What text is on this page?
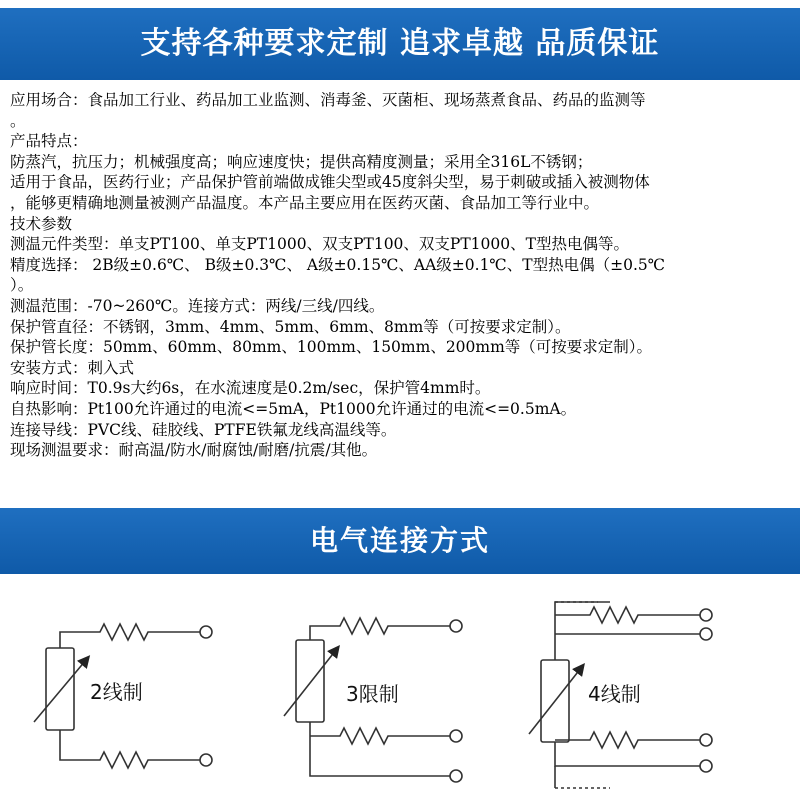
支持各种要求定制 追求卓越 品质保证
应用场合：食品加工行业、药品加工业监测、消毒釜、灭菌柜、现场蒸煮食品、药品的监测等
。
产品特点：
防蒸汽，抗压力；机械强度高；响应速度快；提供高精度测量；采用全316L不锈钢；
适用于食品，医药行业；产品保护管前端做成锥尖型或45度斜尖型，易于刺破或插入被测物体
，能够更精确地测量被测产品温度。本产品主要应用在医药灭菌、食品加工等行业中。
技术参数
测温元件类型：单支PT100、单支PT1000、双支PT100、双支PT1000、T型热电偶等。
精度选择： 2B级±0.6℃、 B级±0.3℃、 A级±0.15℃、AA级±0.1℃、T型热电偶（±0.5℃
）。
测温范围：-70~260℃。连接方式：两线/三线/四线。
保护管直径：不锈钢，3mm、4mm、5mm、6mm、8mm等（可按要求定制）。
保护管长度：50mm、60mm、80mm、100mm、150mm、200mm等（可按要求定制）。
安装方式：刺入式
响应时间：T0.9s大约6s，在水流速度是0.2m/sec，保护管4mm时。
自热影响：Pt100允许通过的电流<=5mA，Pt1000允许通过的电流<=0.5mA。
连接导线：PVC线、硅胶线、PTFE铁氟龙线高温线等。
现场测温要求：耐高温/防水/耐腐蚀/耐磨/抗震/其他。
电气连接方式
2线制	3限制	4线制
